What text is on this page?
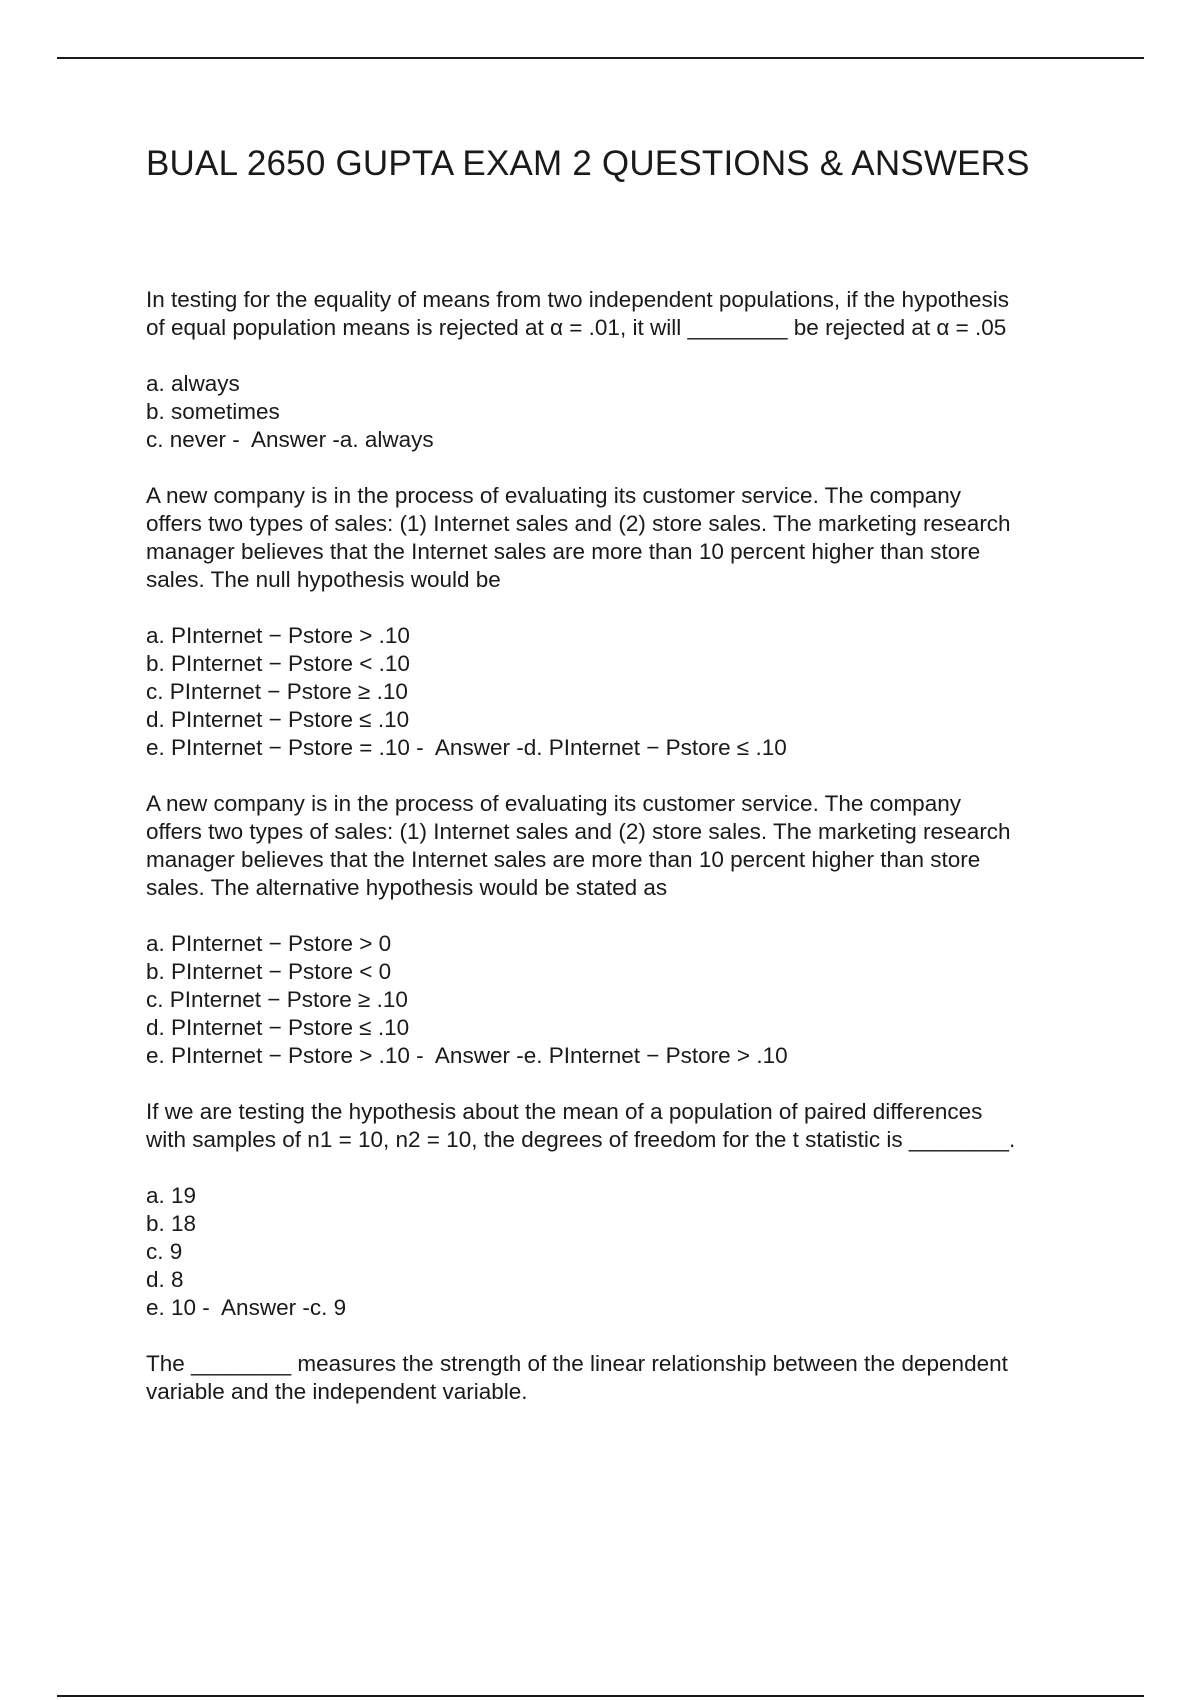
BUAL 2650 GUPTA EXAM 2 QUESTIONS & ANSWERS

In testing for the equality of means from two independent populations, if the hypothesis
of equal population means is rejected at α = .01, it will ________ be rejected at α = .05

a. always
b. sometimes
c. never -  Answer -a. always

A new company is in the process of evaluating its customer service. The company
offers two types of sales: (1) Internet sales and (2) store sales. The marketing research
manager believes that the Internet sales are more than 10 percent higher than store
sales. The null hypothesis would be

a. PInternet − Pstore > .10
b. PInternet − Pstore < .10
c. PInternet − Pstore ≥ .10
d. PInternet − Pstore ≤ .10
e. PInternet − Pstore = .10 -  Answer -d. PInternet − Pstore ≤ .10

A new company is in the process of evaluating its customer service. The company
offers two types of sales: (1) Internet sales and (2) store sales. The marketing research
manager believes that the Internet sales are more than 10 percent higher than store
sales. The alternative hypothesis would be stated as

a. PInternet − Pstore > 0
b. PInternet − Pstore < 0
c. PInternet − Pstore ≥ .10
d. PInternet − Pstore ≤ .10
e. PInternet − Pstore > .10 -  Answer -e. PInternet − Pstore > .10

If we are testing the hypothesis about the mean of a population of paired differences
with samples of n1 = 10, n2 = 10, the degrees of freedom for the t statistic is ________.

a. 19
b. 18
c. 9
d. 8
e. 10 -  Answer -c. 9

The ________ measures the strength of the linear relationship between the dependent
variable and the independent variable.
